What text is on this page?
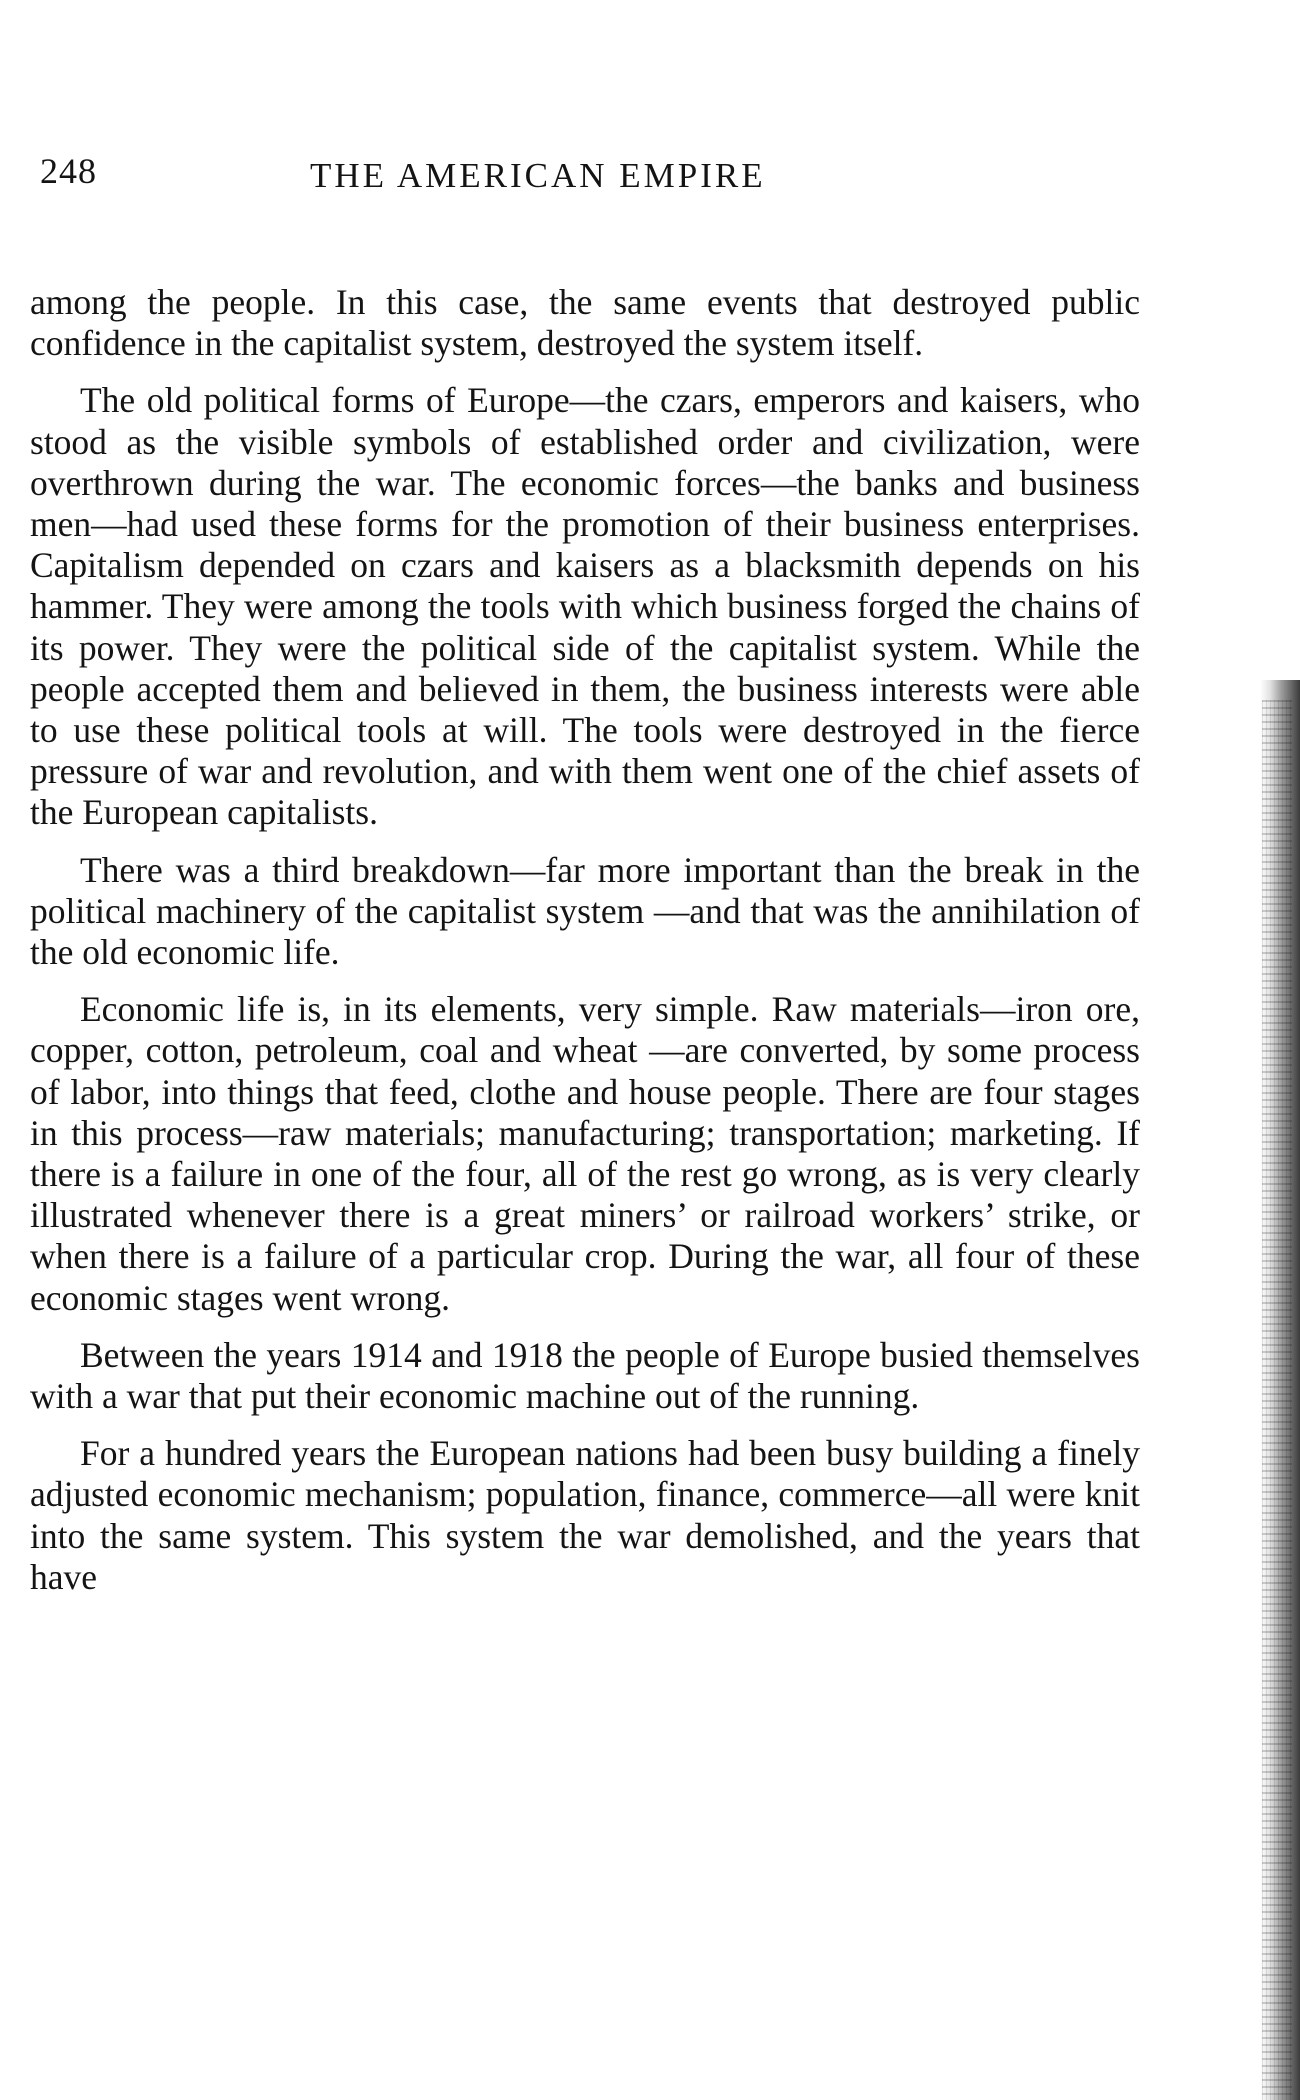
248	THE AMERICAN EMPIRE

among the people. In this case, the same events that destroyed public confidence in the capitalist system, destroyed the system itself.

The old political forms of Europe—the czars, emperors and kaisers, who stood as the visible symbols of established order and civilization, were overthrown during the war. The economic forces—the banks and business men—had used these forms for the promotion of their business enterprises. Capitalism depended on czars and kaisers as a blacksmith depends on his hammer. They were among the tools with which business forged the chains of its power. They were the political side of the capitalist system. While the people accepted them and believed in them, the business interests were able to use these political tools at will. The tools were destroyed in the fierce pressure of war and revolution, and with them went one of the chief assets of the European capitalists.

There was a third breakdown—far more important than the break in the political machinery of the capitalist system —and that was the annihilation of the old economic life.

Economic life is, in its elements, very simple. Raw materials—iron ore, copper, cotton, petroleum, coal and wheat —are converted, by some process of labor, into things that feed, clothe and house people. There are four stages in this process—raw materials; manufacturing; transportation; marketing. If there is a failure in one of the four, all of the rest go wrong, as is very clearly illustrated whenever there is a great miners’ or railroad workers’ strike, or when there is a failure of a particular crop. During the war, all four of these economic stages went wrong.

Between the years 1914 and 1918 the people of Europe busied themselves with a war that put their economic machine out of the running.

For a hundred years the European nations had been busy building a finely adjusted economic mechanism; population, finance, commerce—all were knit into the same system. This system the war demolished, and the years that have
